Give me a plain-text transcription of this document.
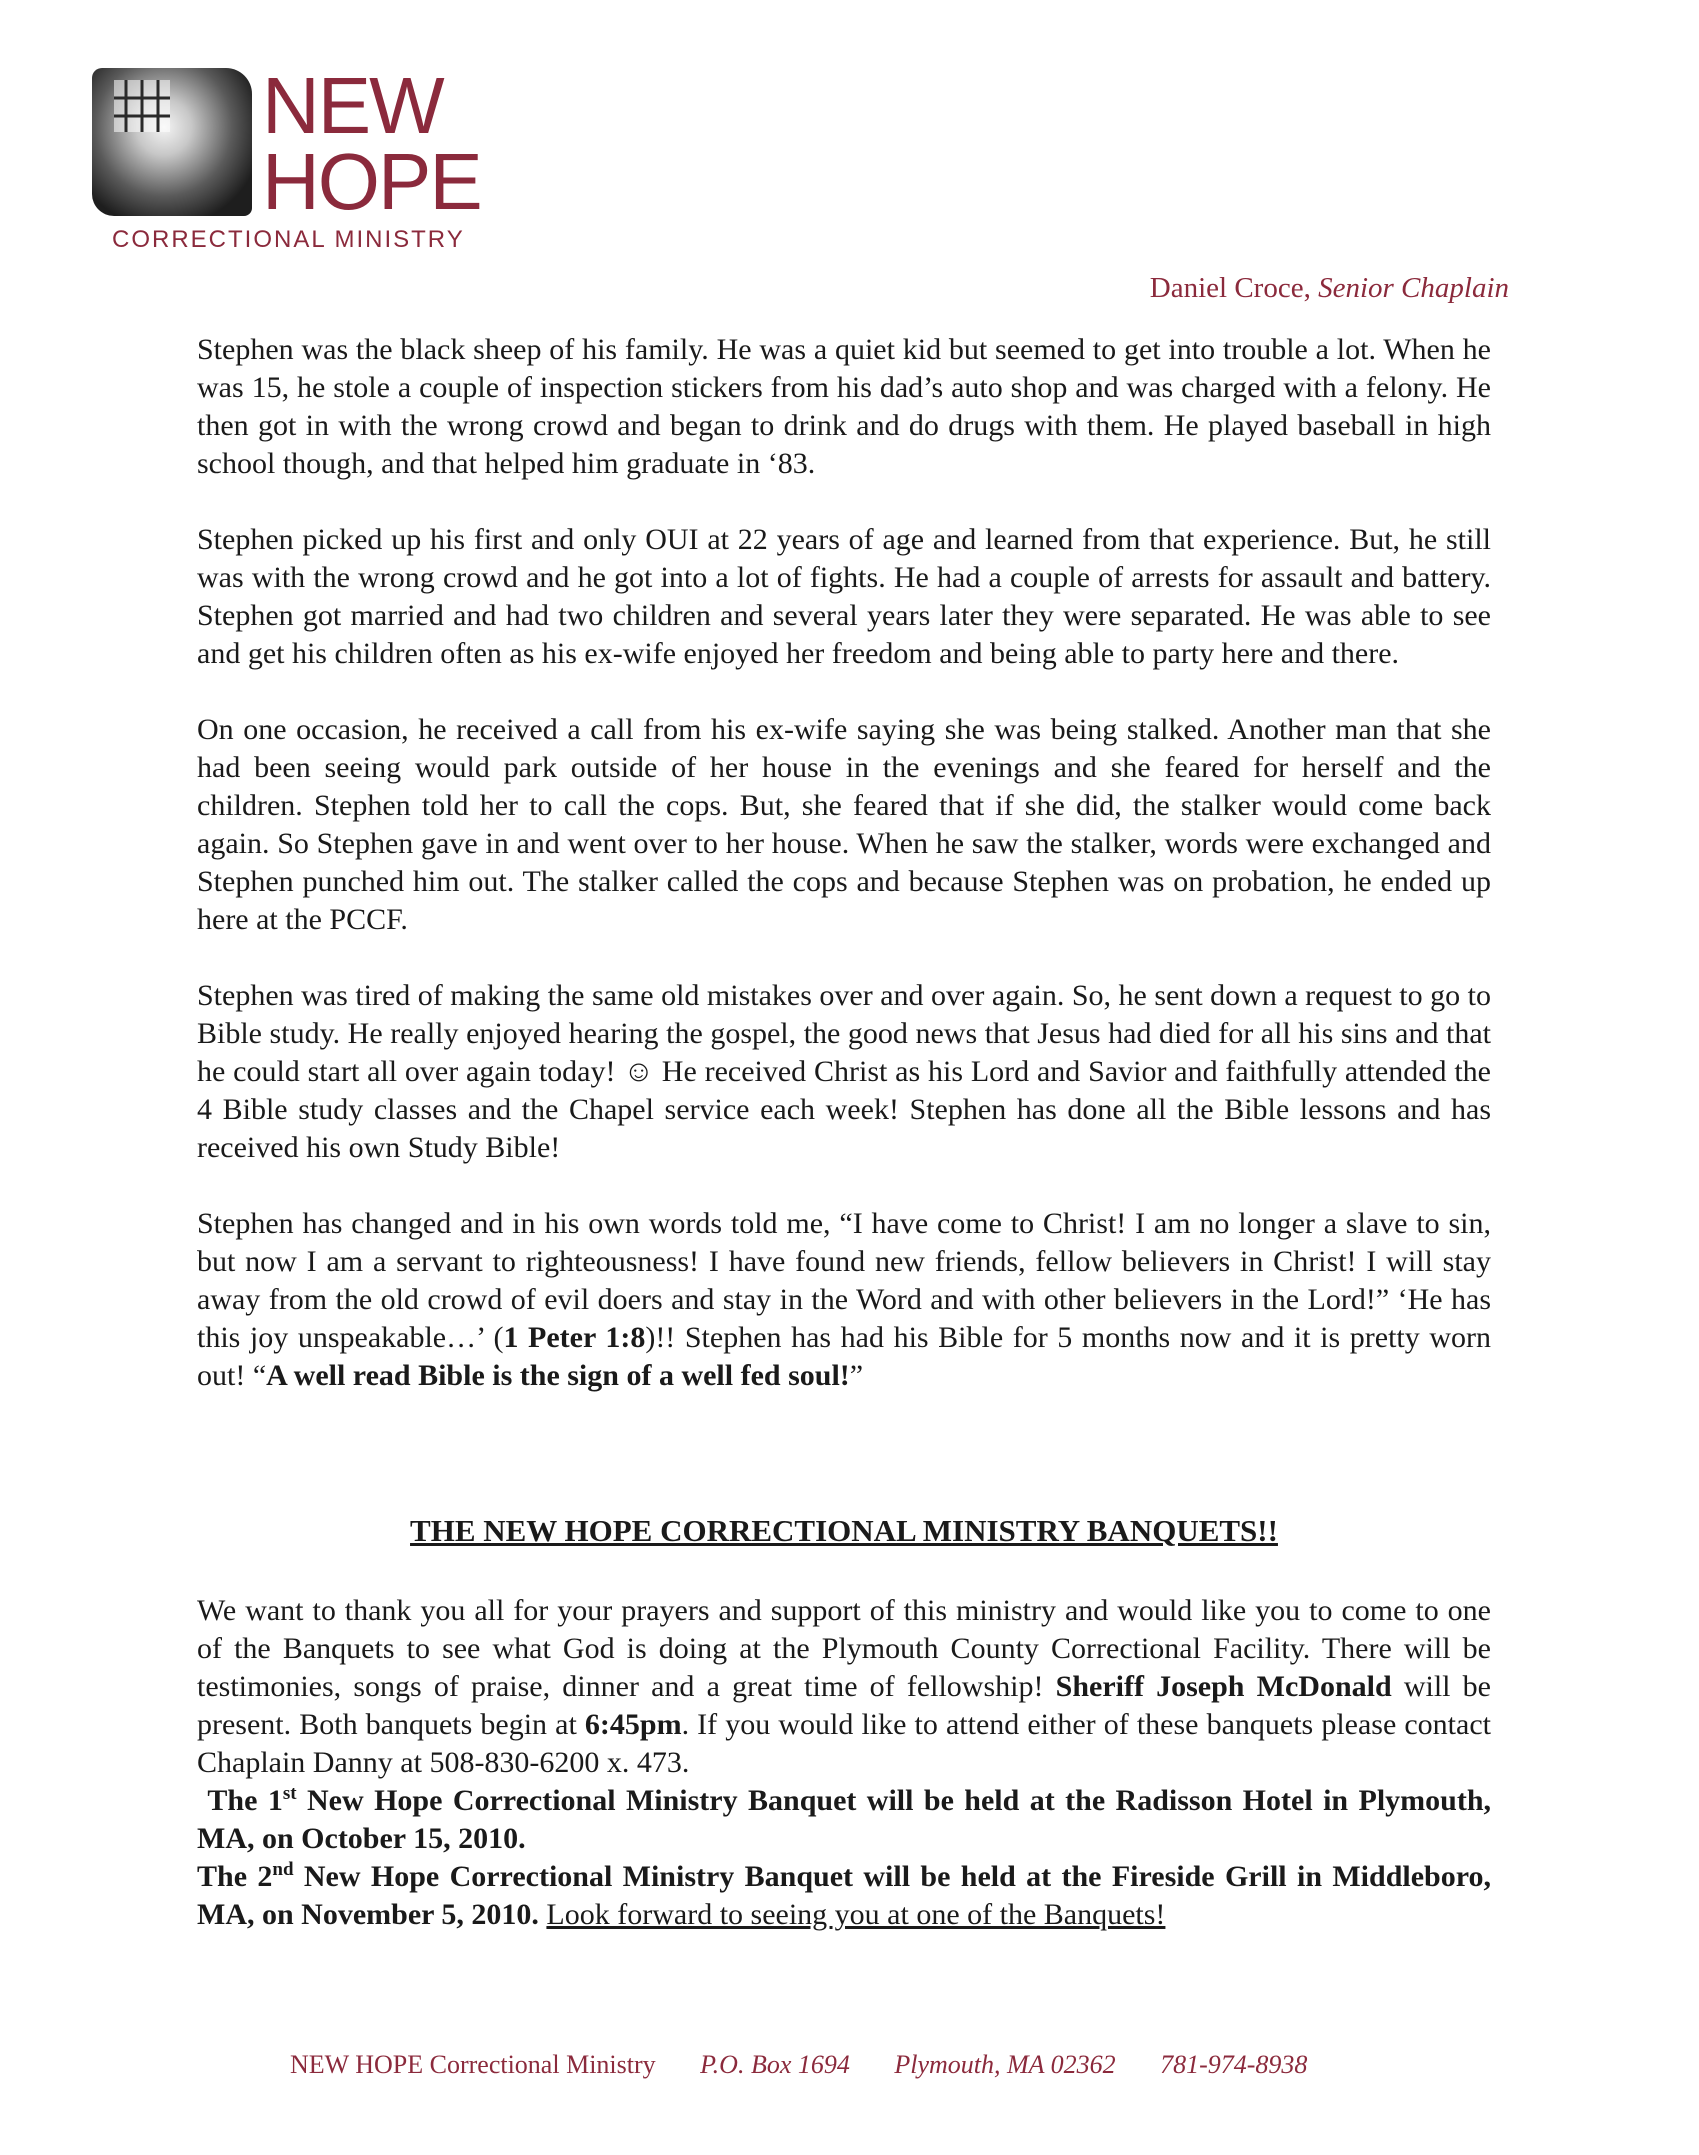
NEW
HOPE
CORRECTIONAL MINISTRY
Daniel Croce, Senior Chaplain

Stephen was the black sheep of his family. He was a quiet kid but seemed to get into trouble a lot. When he was 15, he stole a couple of inspection stickers from his dad’s auto shop and was charged with a felony. He then got in with the wrong crowd and began to drink and do drugs with them. He played baseball in high school though, and that helped him graduate in ‘83.

Stephen picked up his first and only OUI at 22 years of age and learned from that experience. But, he still was with the wrong crowd and he got into a lot of fights. He had a couple of arrests for assault and battery. Stephen got married and had two children and several years later they were separated. He was able to see and get his children often as his ex-wife enjoyed her freedom and being able to party here and there.

On one occasion, he received a call from his ex-wife saying she was being stalked. Another man that she had been seeing would park outside of her house in the evenings and she feared for herself and the children. Stephen told her to call the cops. But, she feared that if she did, the stalker would come back again. So Stephen gave in and went over to her house. When he saw the stalker, words were exchanged and Stephen punched him out. The stalker called the cops and because Stephen was on probation, he ended up here at the PCCF.

Stephen was tired of making the same old mistakes over and over again. So, he sent down a request to go to Bible study. He really enjoyed hearing the gospel, the good news that Jesus had died for all his sins and that he could start all over again today! ☺ He received Christ as his Lord and Savior and faithfully attended the 4 Bible study classes and the Chapel service each week! Stephen has done all the Bible lessons and has received his own Study Bible!

Stephen has changed and in his own words told me, “I have come to Christ! I am no longer a slave to sin, but now I am a servant to righteousness! I have found new friends, fellow believers in Christ! I will stay away from the old crowd of evil doers and stay in the Word and with other believers in the Lord!” ‘He has this joy unspeakable…’ (1 Peter 1:8)!! Stephen has had his Bible for 5 months now and it is pretty worn out! “A well read Bible is the sign of a well fed soul!”

THE NEW HOPE CORRECTIONAL MINISTRY BANQUETS!!

We want to thank you all for your prayers and support of this ministry and would like you to come to one of the Banquets to see what God is doing at the Plymouth County Correctional Facility. There will be testimonies, songs of praise, dinner and a great time of fellowship! Sheriff Joseph McDonald will be present. Both banquets begin at 6:45pm. If you would like to attend either of these banquets please contact Chaplain Danny at 508-830-6200 x. 473.

The 1st New Hope Correctional Ministry Banquet will be held at the Radisson Hotel in Plymouth, MA, on October 15, 2010.

The 2nd New Hope Correctional Ministry Banquet will be held at the Fireside Grill in Middleboro, MA, on November 5, 2010. Look forward to seeing you at one of the Banquets!

NEW HOPE Correctional Ministry P.O. Box 1694 Plymouth, MA 02362 781-974-8938
